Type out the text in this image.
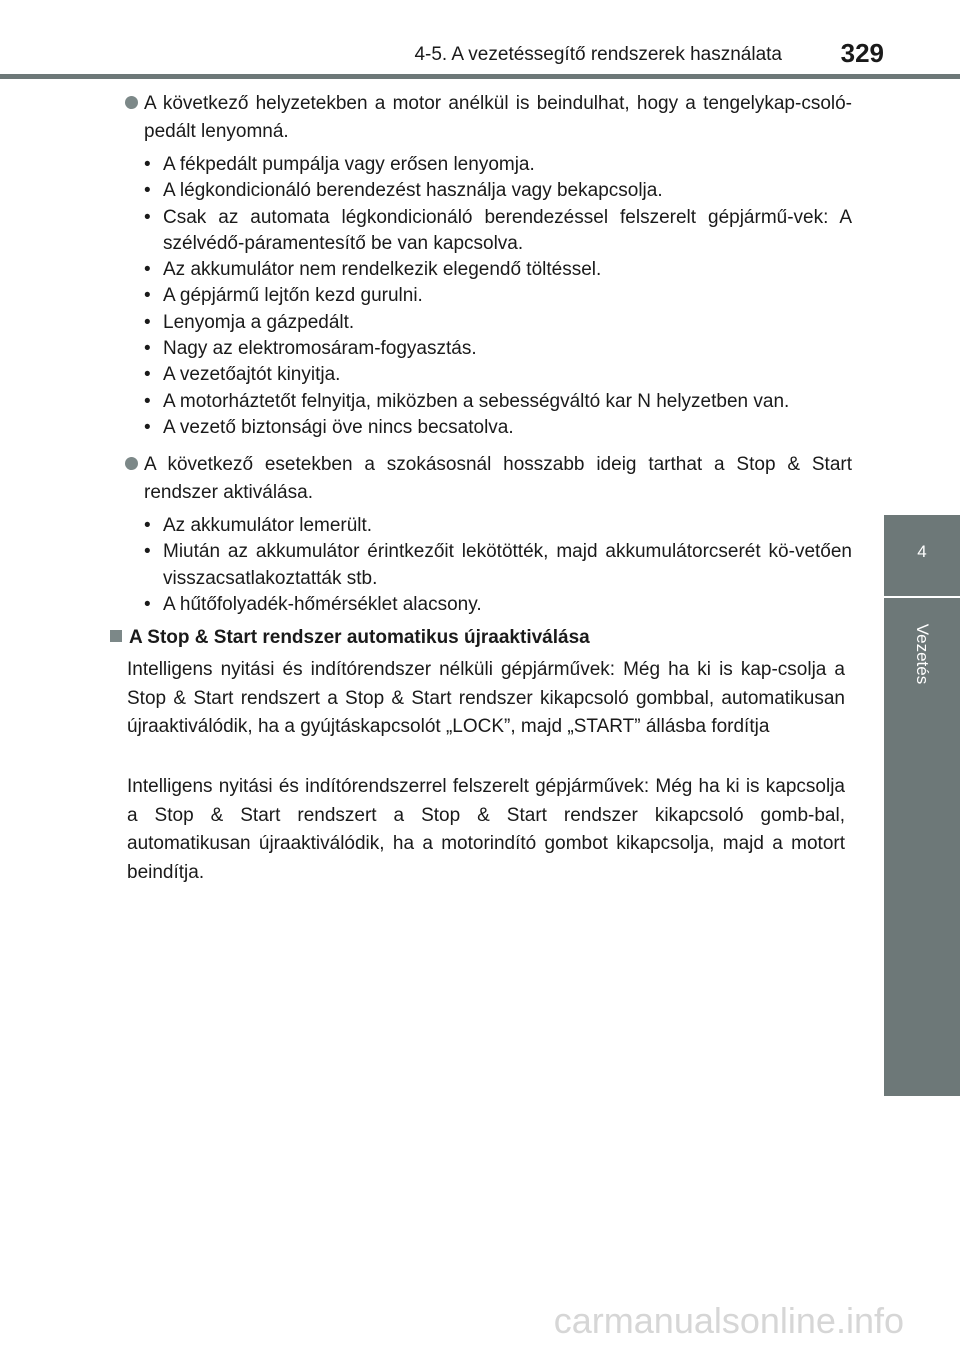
4-5. A vezetéssegítő rendszerek használata 329
4
Vezetés
A következő helyzetekben a motor anélkül is beindulhat, hogy a tengelykap-csoló-pedált lenyomná.
• A fékpedált pumpálja vagy erősen lenyomja.
• A légkondicionáló berendezést használja vagy bekapcsolja.
• Csak az automata légkondicionáló berendezéssel felszerelt gépjármű-vek: A szélvédő-páramentesítő be van kapcsolva.
• Az akkumulátor nem rendelkezik elegendő töltéssel.
• A gépjármű lejtőn kezd gurulni.
• Lenyomja a gázpedált.
• Nagy az elektromosáram-fogyasztás.
• A vezetőajtót kinyitja.
• A motorháztetőt felnyitja, miközben a sebességváltó kar N helyzetben van.
• A vezető biztonsági öve nincs becsatolva.
A következő esetekben a szokásosnál hosszabb ideig tarthat a Stop & Start rendszer aktiválása.
• Az akkumulátor lemerült.
• Miután az akkumulátor érintkezőit lekötötték, majd akkumulátorcserét kö-vetően visszacsatlakoztatták stb.
• A hűtőfolyadék-hőmérséklet alacsony.
A Stop & Start rendszer automatikus újraaktiválása
Intelligens nyitási és indítórendszer nélküli gépjárművek: Még ha ki is kap-csolja a Stop & Start rendszert a Stop & Start rendszer kikapcsoló gombbal, automatikusan újraaktiválódik, ha a gyújtáskapcsolót „LOCK”, majd „START” állásba fordítja
Intelligens nyitási és indítórendszerrel felszerelt gépjárművek: Még ha ki is kapcsolja a Stop & Start rendszert a Stop & Start rendszer kikapcsoló gomb-bal, automatikusan újraaktiválódik, ha a motorindító gombot kikapcsolja, majd a motort beindítja.
carmanualsonline.info
